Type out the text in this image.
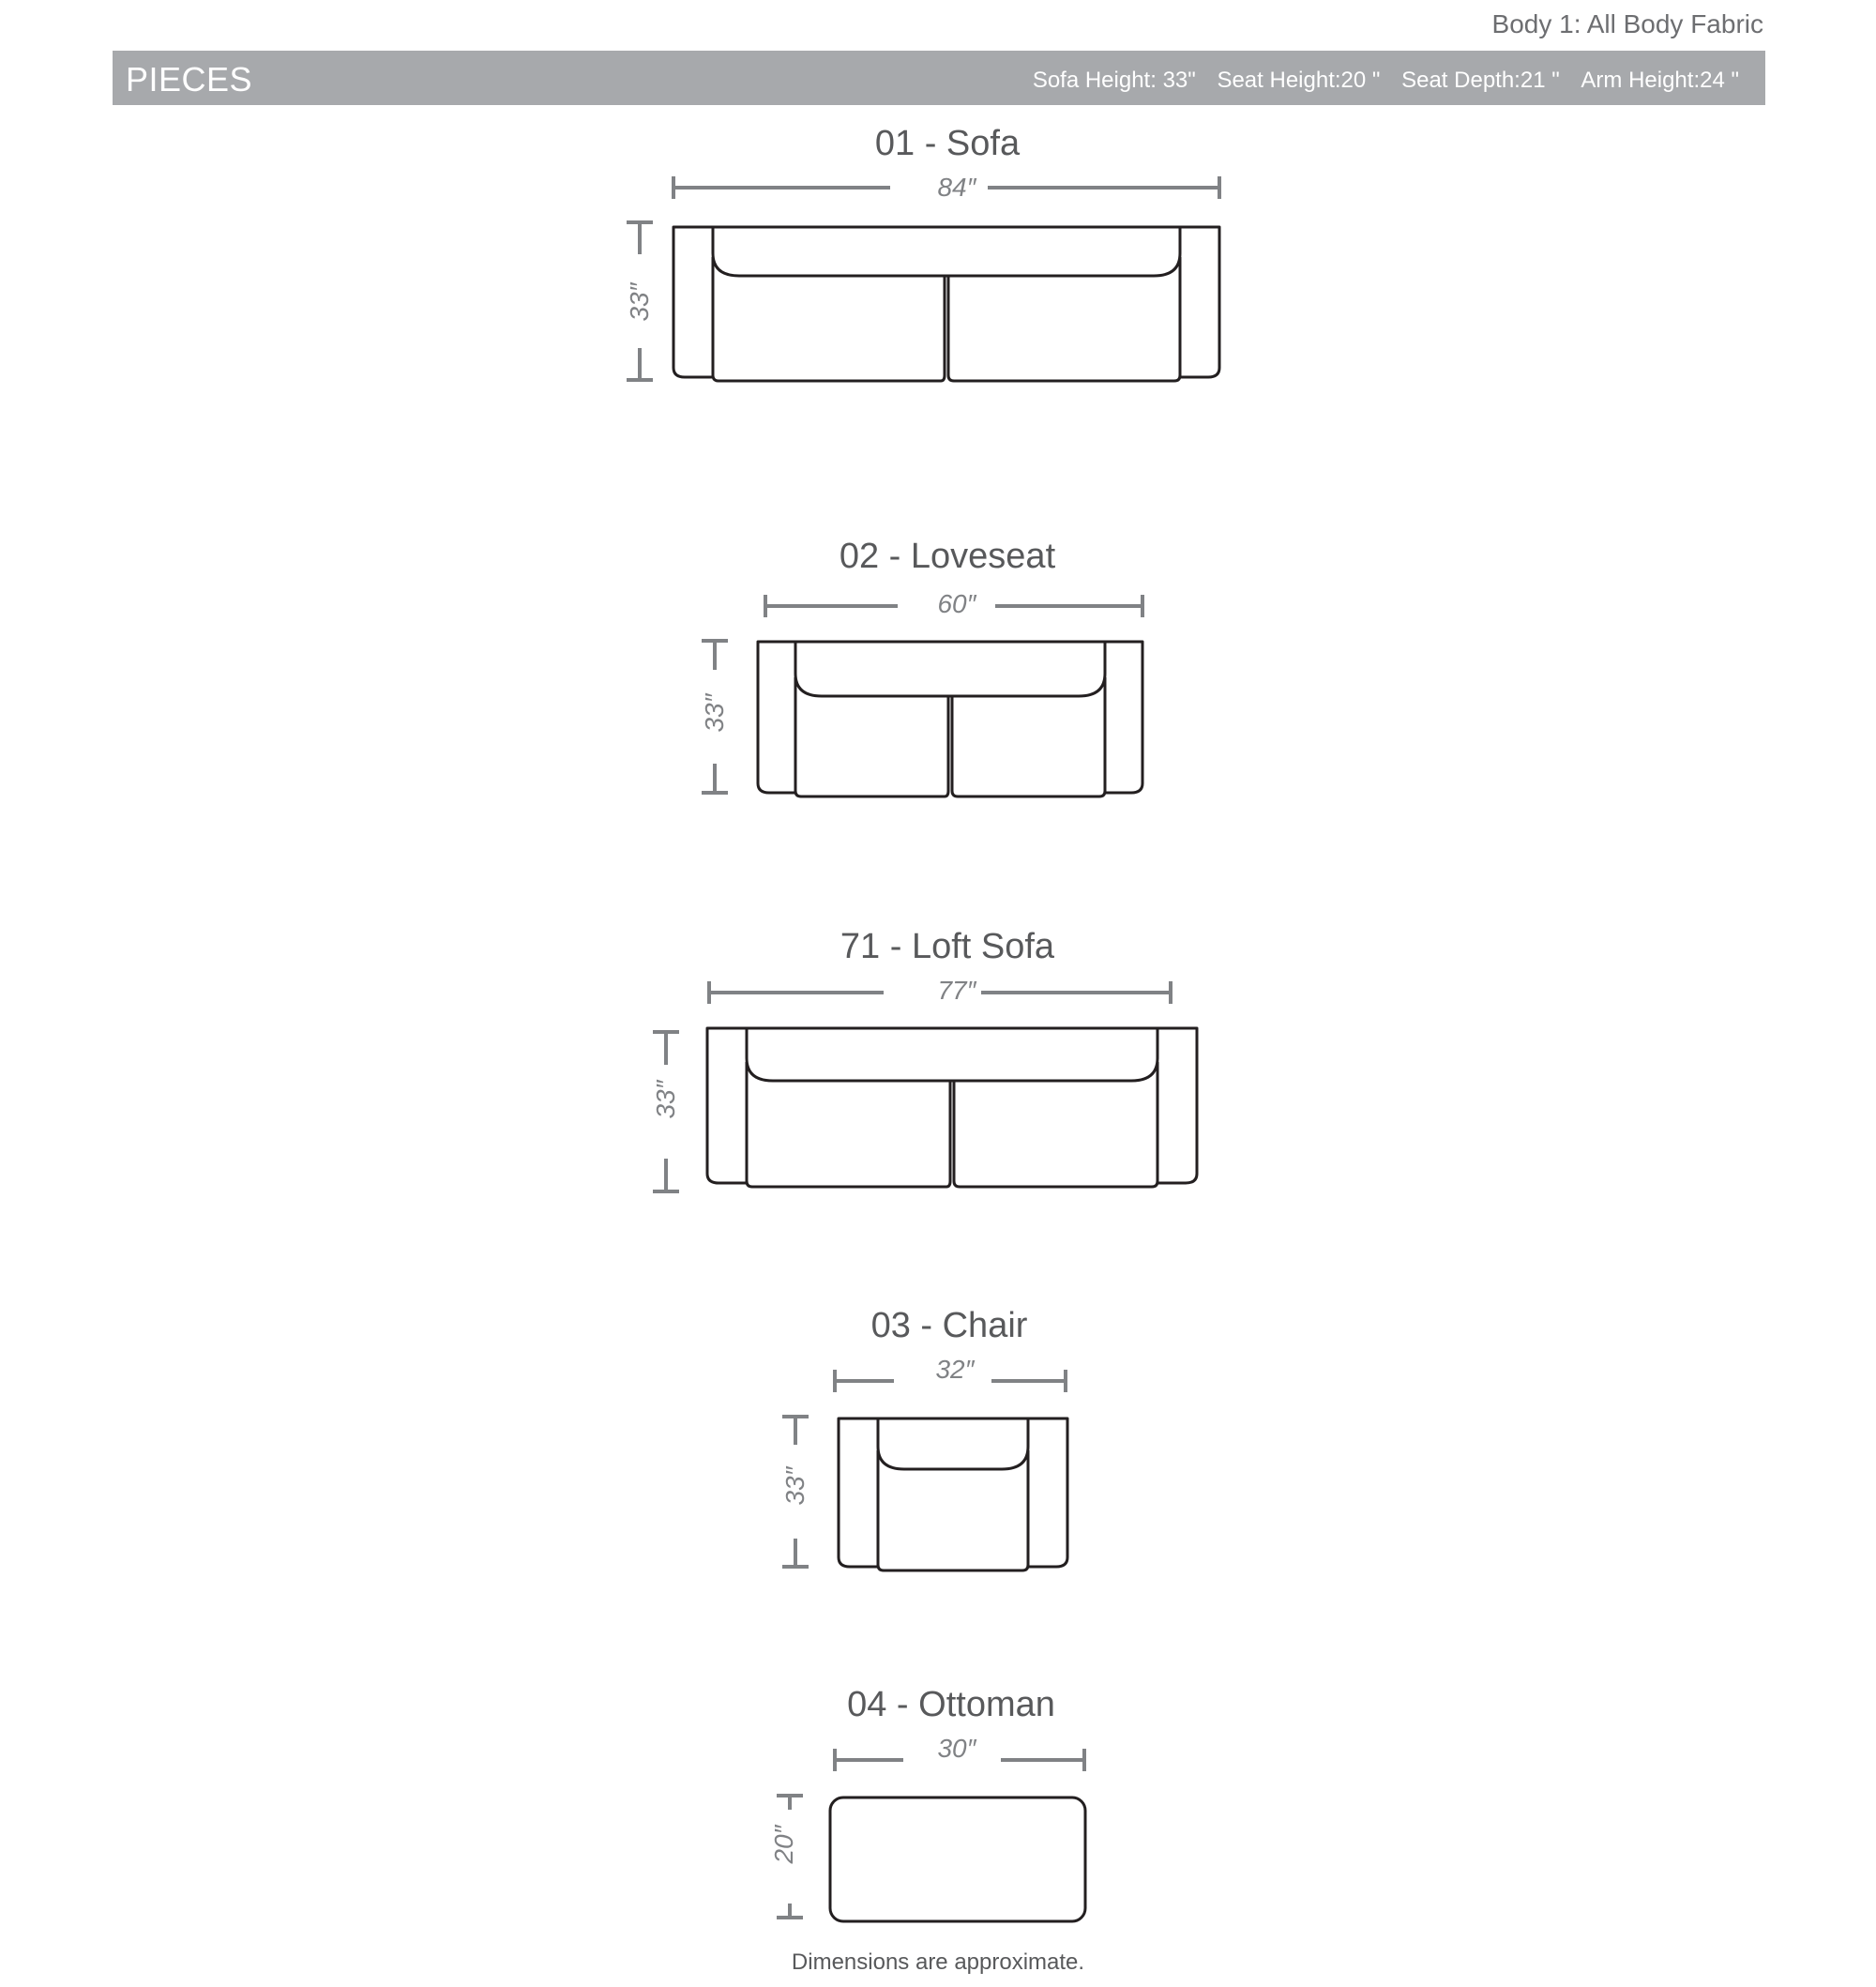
Body 1: All Body Fabric
PIECES	Sofa Height: 33" Seat Height:20 " Seat Depth:21 " Arm Height:24 "
01 - Sofa
84″
33″
02 - Loveseat
60″
33″
71 - Loft Sofa
77″
33″
03 - Chair
32″
33″
04 - Ottoman
30″
20″
Dimensions are approximate.
